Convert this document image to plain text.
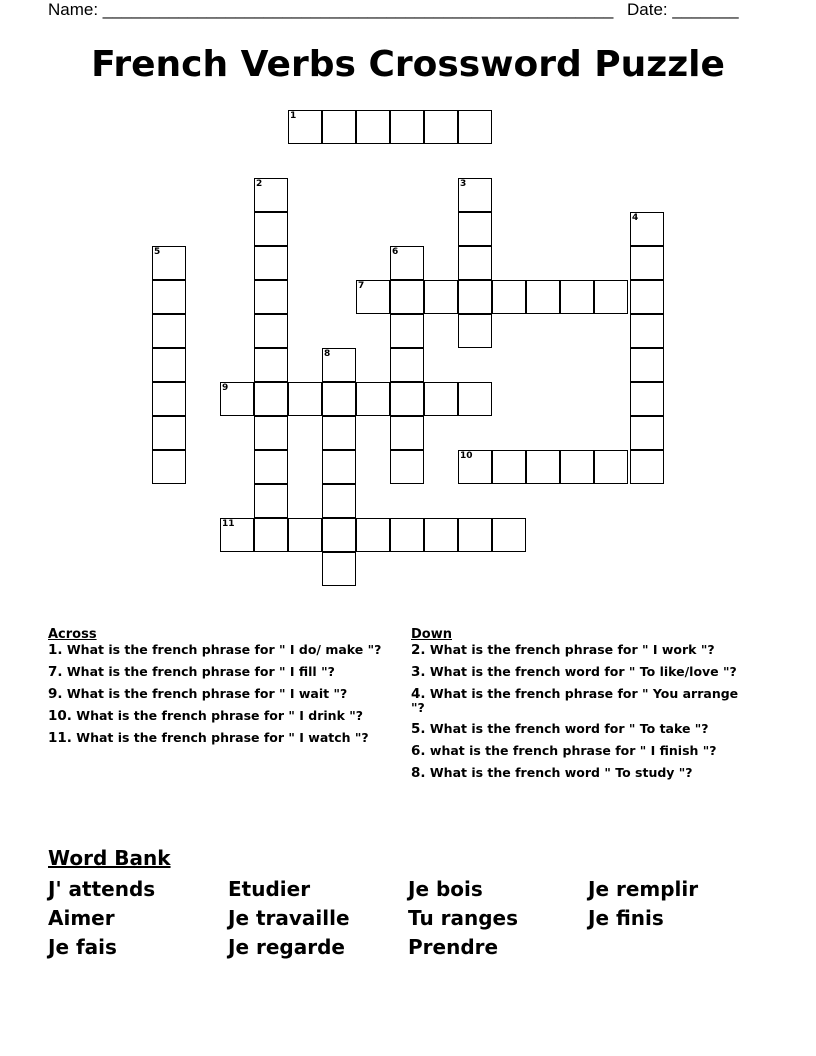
Name: ______________________________________________________ Date: _______
French Verbs Crossword Puzzle
1
2	3
4
5	6
7
8
9
10
11
Across
1. What is the french phrase for " I do/ make "?
7. What is the french phrase for " I fill "?
9. What is the french phrase for " I wait "?
10. What is the french phrase for " I drink "?
11. What is the french phrase for " I watch "?
Down
2. What is the french phrase for " I work "?
3. What is the french word for " To like/love "?
4. What is the french phrase for " You arrange "?
5. What is the french word for " To take "?
6. what is the french phrase for " I finish "?
8. What is the french word " To study "?
Word Bank
J' attends	Etudier	Je bois	Je remplir
Aimer	Je travaille	Tu ranges	Je finis
Je fais	Je regarde	Prendre
